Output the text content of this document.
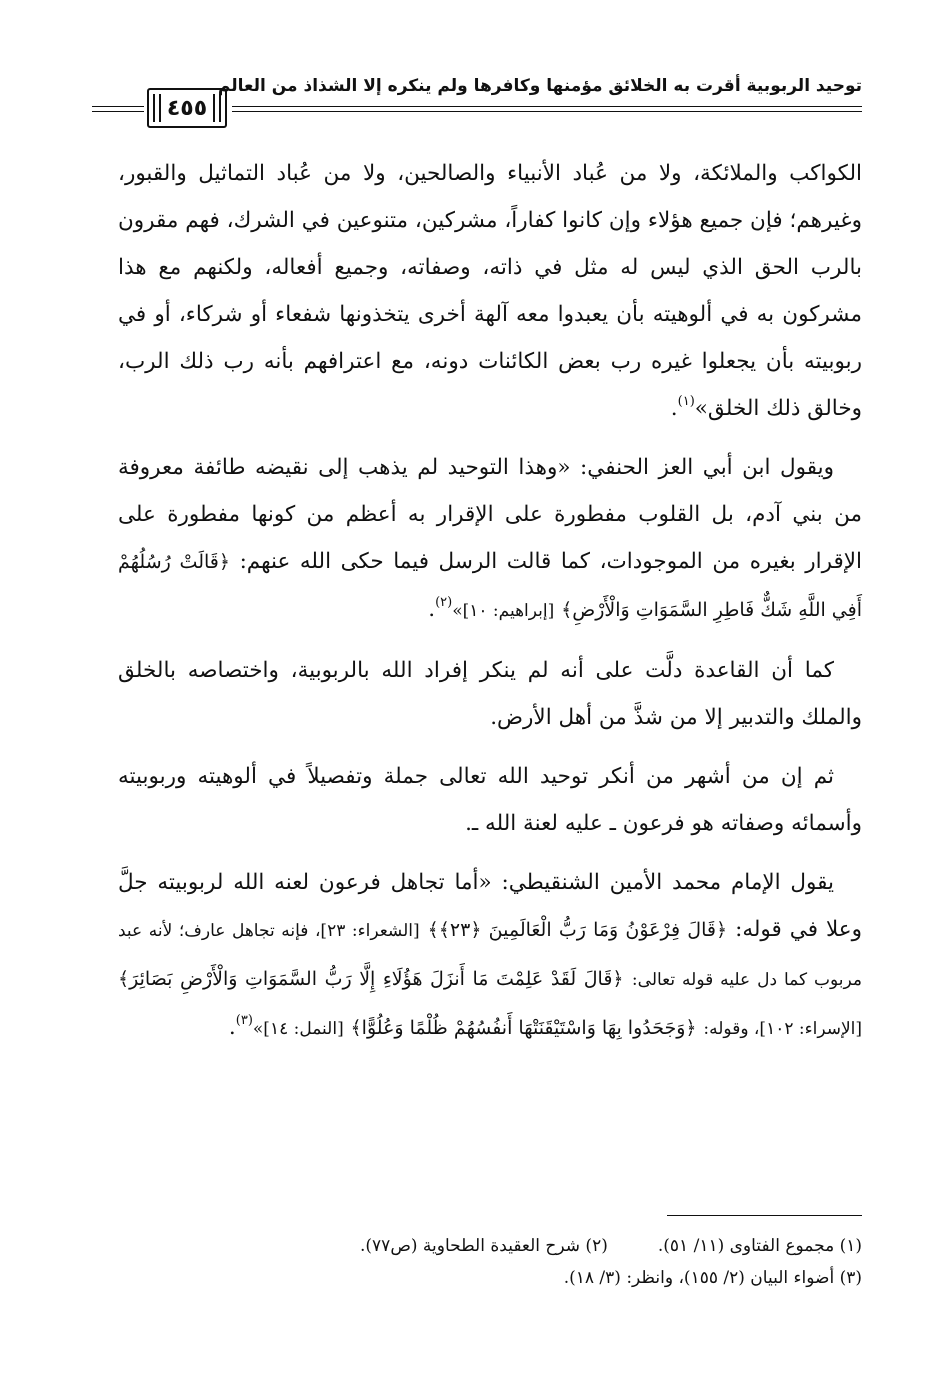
توحيد الربوبية أقرت به الخلائق مؤمنها وكافرها ولم ينكره إلا الشذاذ من العالم
٤٥٥

الكواكب والملائكة، ولا من عُباد الأنبياء والصالحين، ولا من عُباد التماثيل والقبور، وغيرهم؛ فإن جميع هؤلاء وإن كانوا كفاراً، مشركين، متنوعين في الشرك، فهم مقرون بالرب الحق الذي ليس له مثل في ذاته، وصفاته، وجميع أفعاله، ولكنهم مع هذا مشركون به في ألوهيته بأن يعبدوا معه آلهة أخرى يتخذونها شفعاء أو شركاء، أو في ربوبيته بأن يجعلوا غيره رب بعض الكائنات دونه، مع اعترافهم بأنه رب ذلك الرب، وخالق ذلك الخلق»$^{(١)}$.

ويقول ابن أبي العز الحنفي: «وهذا التوحيد لم يذهب إلى نقيضه طائفة معروفة من بني آدم، بل القلوب مفطورة على الإقرار به أعظم من كونها مفطورة على الإقرار بغيره من الموجودات، كما قالت الرسل فيما حكى الله عنهم: ﴿قَالَتْ رُسُلُهُمْ أَفِي اللَّهِ شَكٌّ فَاطِرِ السَّمَوَاتِ وَالْأَرْضِ﴾ [إبراهيم: ١٠]»$^{(٢)}$.

كما أن القاعدة دلَّت على أنه لم ينكر إفراد الله بالربوبية، واختصاصه بالخلق والملك والتدبير إلا من شذَّ من أهل الأرض.

ثم إن من أشهر من أنكر توحيد الله تعالى جملة وتفصيلاً في ألوهيته وربوبيته وأسمائه وصفاته هو فرعون ـ عليه لعنة الله ـ.

يقول الإمام محمد الأمين الشنقيطي: «أما تجاهل فرعون لعنه الله لربوبيته جلَّ وعلا في قوله: ﴿قَالَ فِرْعَوْنُ وَمَا رَبُّ الْعَالَمِينَ ﴿٢٣﴾﴾ [الشعراء: ٢٣]، فإنه تجاهل عارف؛ لأنه عبد مربوب كما دل عليه قوله تعالى: ﴿قَالَ لَقَدْ عَلِمْتَ مَا أَنزَلَ هَؤُلَاءِ إِلَّا رَبُّ السَّمَوَاتِ وَالْأَرْضِ بَصَائِرَ﴾ [الإسراء: ١٠٢]، وقوله: ﴿وَجَحَدُوا بِهَا وَاسْتَيْقَنَتْهَا أَنفُسُهُمْ ظُلْمًا وَعُلُوًّا﴾ [النمل: ١٤]»$^{(٣)}$.

(١) مجموع الفتاوى (١١/ ٥١).
(٢) شرح العقيدة الطحاوية (ص٧٧).
(٣) أضواء البيان (٢/ ١٥٥)، وانظر: (٣/ ١٨).
